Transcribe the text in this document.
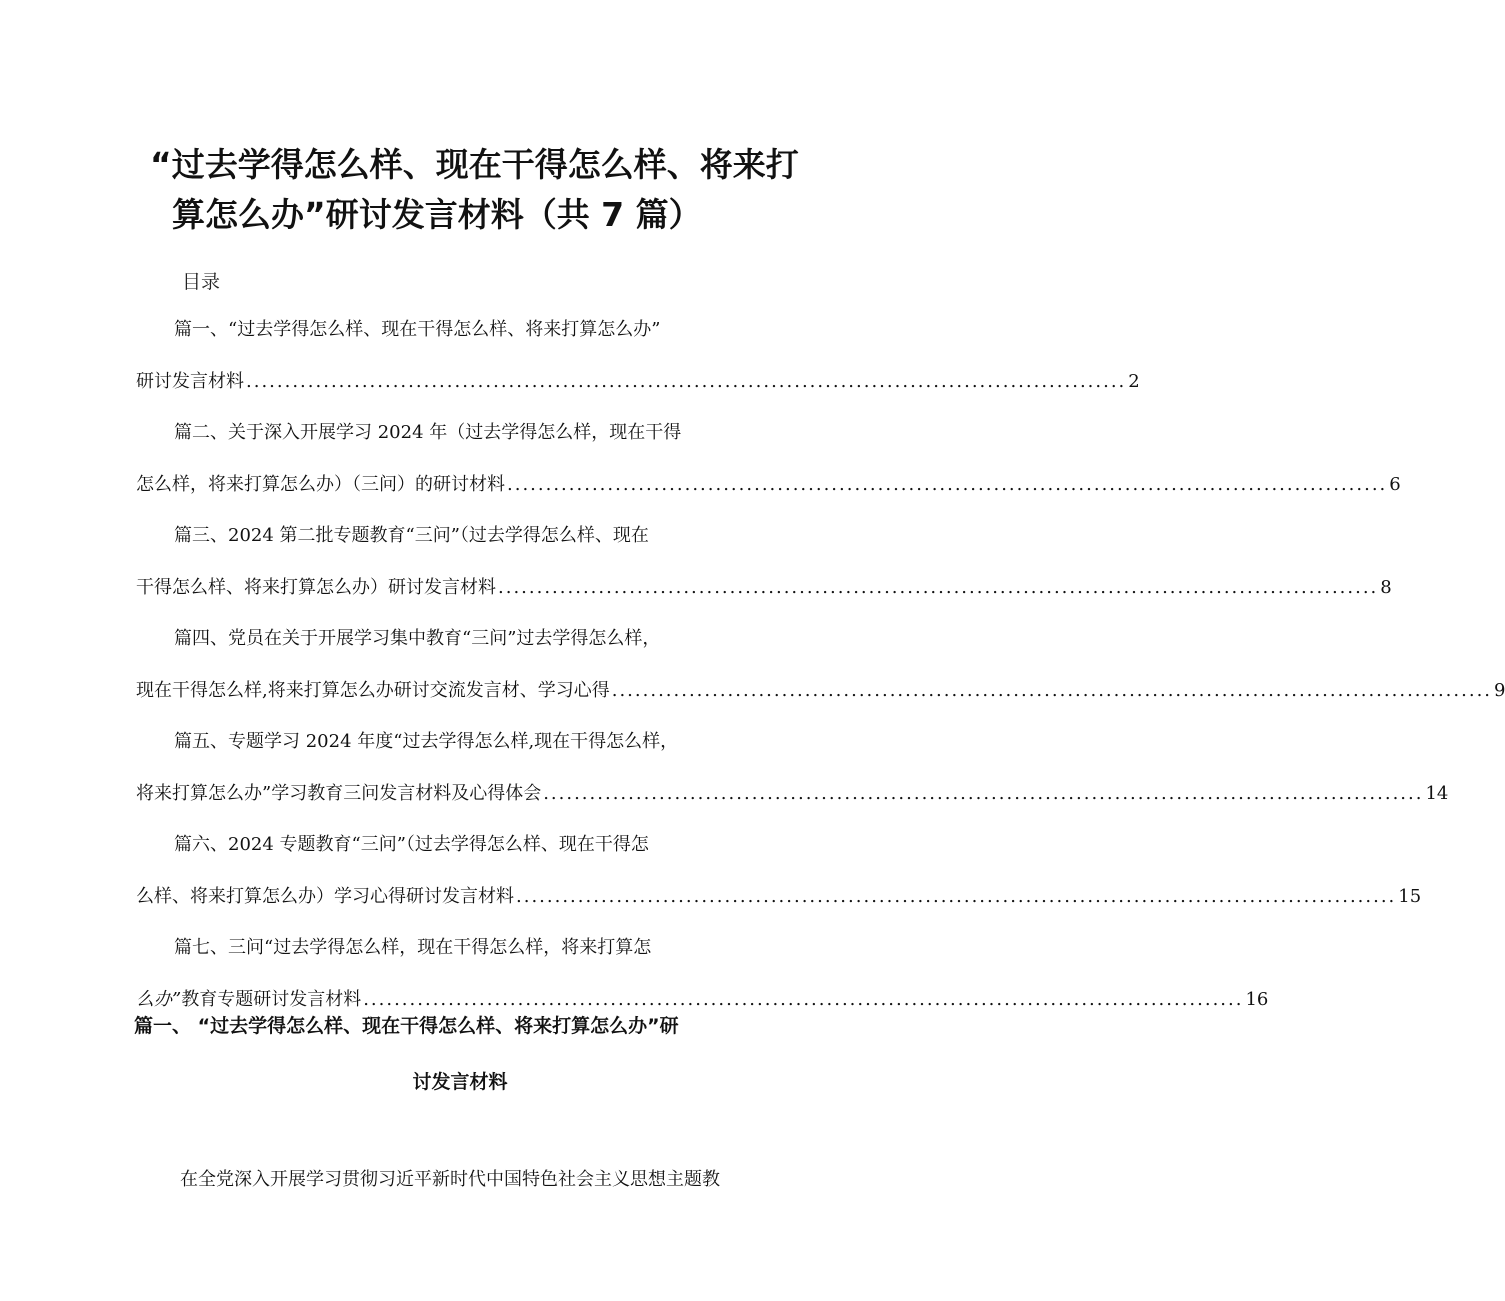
“过去学得怎么样、现在干得怎么样、将来打
算怎么办”研讨发言材料（共 7 篇）
目录
篇一、“过去学得怎么样、现在干得怎么样、将来打算怎么办”
研讨发言材料 .................................................................................................................. 2
篇二、关于深入开展学习 2024 年（过去学得怎么样，现在干得
怎么样，将来打算怎么办）（三问）的研讨材料 .................................................................................................................. 6
篇三、2024 第二批专题教育“三问”（过去学得怎么样、现在
干得怎么样、将来打算怎么办）研讨发言材料 .................................................................................................................. 8
篇四、党员在关于开展学习集中教育“三问”过去学得怎么样，
现在干得怎么样,将来打算怎么办研讨交流发言材、学习心得 .................................................................................................................. 9
篇五、专题学习 2024 年度“过去学得怎么样,现在干得怎么样，
将来打算怎么办”学习教育三问发言材料及心得体会 .................................................................................................................. 14
篇六、2024 专题教育“三问”（过去学得怎么样、现在干得怎
么样、将来打算怎么办）学习心得研讨发言材料 .................................................................................................................. 15
篇七、三问“过去学得怎么样，现在干得怎么样，将来打算怎
么办” 教育专题研讨发言材料 .................................................................................................................. 16
篇一、 “过去学得怎么样、现在干得怎么样、将来打算怎么办”研
讨发言材料
在全党深入开展学习贯彻习近平新时代中国特色社会主义思想主题教
